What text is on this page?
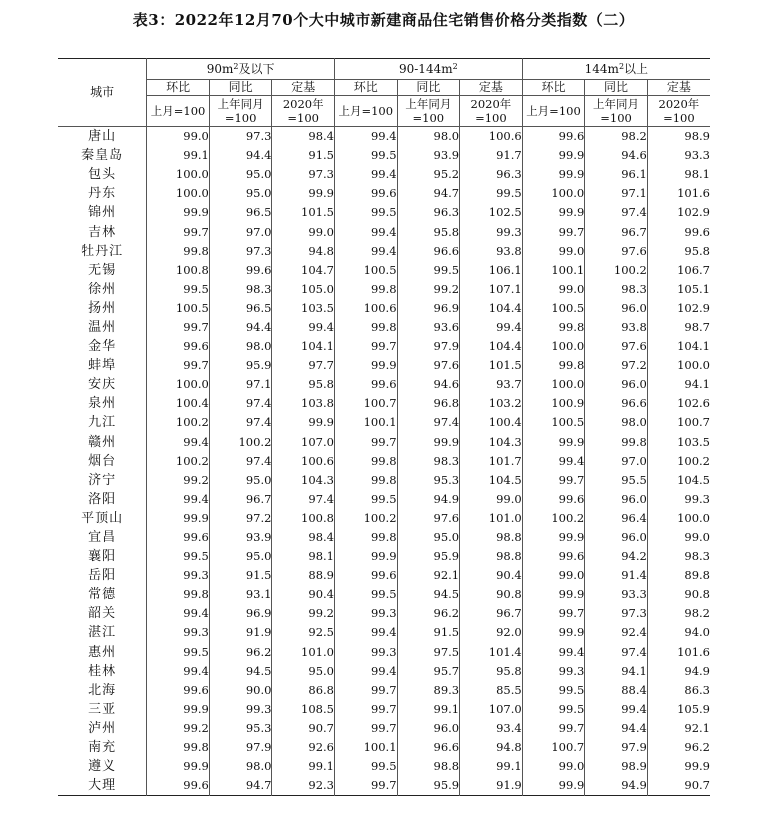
表3：2022年12月70个大中城市新建商品住宅销售价格分类指数（二）
城市	$90m^2$及以下			$90-144m^2$			$144m^2$以上		
	环比	同比	定基	环比	同比	定基	环比	同比	定基
	上月=100	上年同月=100	2020年=100	上月=100	上年同月=100	2020年=100	上月=100	上年同月=100	2020年=100
唐山	99.0	97.3	98.4	99.4	98.0	100.6	99.6	98.2	98.9
秦皇岛	99.1	94.4	91.5	99.5	93.9	91.7	99.9	94.6	93.3
包头	100.0	95.0	97.3	99.4	95.2	96.3	99.9	96.1	98.1
丹东	100.0	95.0	99.9	99.6	94.7	99.5	100.0	97.1	101.6
锦州	99.9	96.5	101.5	99.5	96.3	102.5	99.9	97.4	102.9
吉林	99.7	97.0	99.0	99.4	95.8	99.3	99.7	96.7	99.6
牡丹江	99.8	97.3	94.8	99.4	96.6	93.8	99.0	97.6	95.8
无锡	100.8	99.6	104.7	100.5	99.5	106.1	100.1	100.2	106.7
徐州	99.5	98.3	105.0	99.8	99.2	107.1	99.0	98.3	105.1
扬州	100.5	96.5	103.5	100.6	96.9	104.4	100.5	96.0	102.9
温州	99.7	94.4	99.4	99.8	93.6	99.4	99.8	93.8	98.7
金华	99.6	98.0	104.1	99.7	97.9	104.4	100.0	97.6	104.1
蚌埠	99.7	95.9	97.7	99.9	97.6	101.5	99.8	97.2	100.0
安庆	100.0	97.1	95.8	99.6	94.6	93.7	100.0	96.0	94.1
泉州	100.4	97.4	103.8	100.7	96.8	103.2	100.9	96.6	102.6
九江	100.2	97.4	99.9	100.1	97.4	100.4	100.5	98.0	100.7
赣州	99.4	100.2	107.0	99.7	99.9	104.3	99.9	99.8	103.5
烟台	100.2	97.4	100.6	99.8	98.3	101.7	99.4	97.0	100.2
济宁	99.2	95.0	104.3	99.8	95.3	104.5	99.7	95.5	104.5
洛阳	99.4	96.7	97.4	99.5	94.9	99.0	99.6	96.0	99.3
平顶山	99.9	97.2	100.8	100.2	97.6	101.0	100.2	96.4	100.0
宜昌	99.6	93.9	98.4	99.8	95.0	98.8	99.9	96.0	99.0
襄阳	99.5	95.0	98.1	99.9	95.9	98.8	99.6	94.2	98.3
岳阳	99.3	91.5	88.9	99.6	92.1	90.4	99.0	91.4	89.8
常德	99.8	93.1	90.4	99.5	94.5	90.8	99.9	93.3	90.8
韶关	99.4	96.9	99.2	99.3	96.2	96.7	99.7	97.3	98.2
湛江	99.3	91.9	92.5	99.4	91.5	92.0	99.9	92.4	94.0
惠州	99.5	96.2	101.0	99.3	97.5	101.4	99.4	97.4	101.6
桂林	99.4	94.5	95.0	99.4	95.7	95.8	99.3	94.1	94.9
北海	99.6	90.0	86.8	99.7	89.3	85.5	99.5	88.4	86.3
三亚	99.9	99.3	108.5	99.7	99.1	107.0	99.5	99.4	105.9
泸州	99.2	95.3	90.7	99.7	96.0	93.4	99.7	94.4	92.1
南充	99.8	97.9	92.6	100.1	96.6	94.8	100.7	97.9	96.2
遵义	99.9	98.0	99.1	99.5	98.8	99.1	99.0	98.9	99.9
大理	99.6	94.7	92.3	99.7	95.9	91.9	99.9	94.9	90.7
